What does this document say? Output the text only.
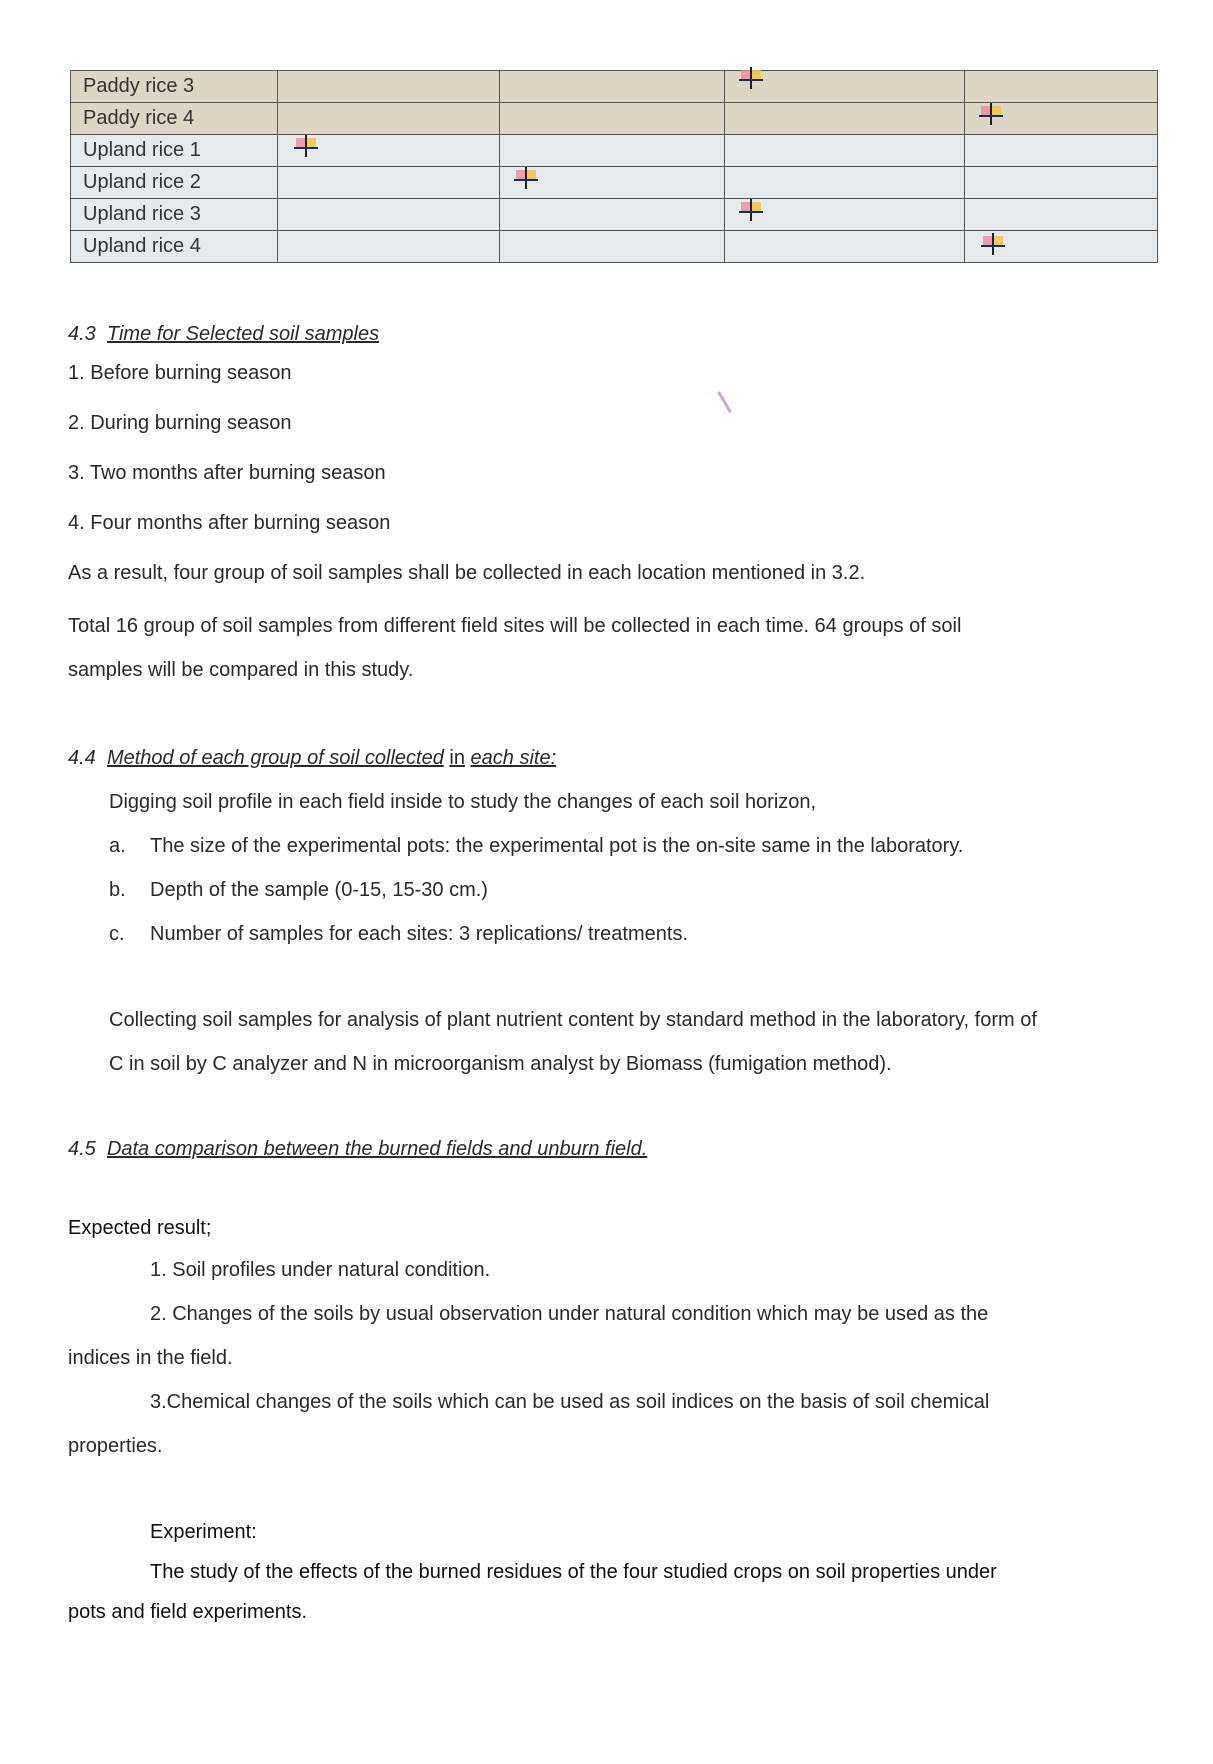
Paddy rice 3			

Paddy rice 4				

Upland rice 1	

Upland rice 2		

Upland rice 3			

Upland rice 4				
4.3 Time for Selected soil samples
1. Before burning season
2. During burning season
3. Two months after burning season
4. Four months after burning season
As a result, four group of soil samples shall be collected in each location mentioned in 3.2.
Total 16 group of soil samples from different field sites will be collected in each time. 64 groups of soil
samples will be compared in this study.
4.4 Method of each group of soil collected in each site:
Digging soil profile in each field inside to study the changes of each soil horizon,
a. The size of the experimental pots: the experimental pot is the on-site same in the laboratory.
b. Depth of the sample (0-15, 15-30 cm.)
c. Number of samples for each sites: 3 replications/ treatments.
Collecting soil samples for analysis of plant nutrient content by standard method in the laboratory, form of
C in soil by C analyzer and N in microorganism analyst by Biomass (fumigation method).
4.5 Data comparison between the burned fields and unburn field.
Expected result;
1. Soil profiles under natural condition.
2. Changes of the soils by usual observation under natural condition which may be used as the
indices in the field.
3.Chemical changes of the soils which can be used as soil indices on the basis of soil chemical
properties.
Experiment:
The study of the effects of the burned residues of the four studied crops on soil properties under
pots and field experiments.
